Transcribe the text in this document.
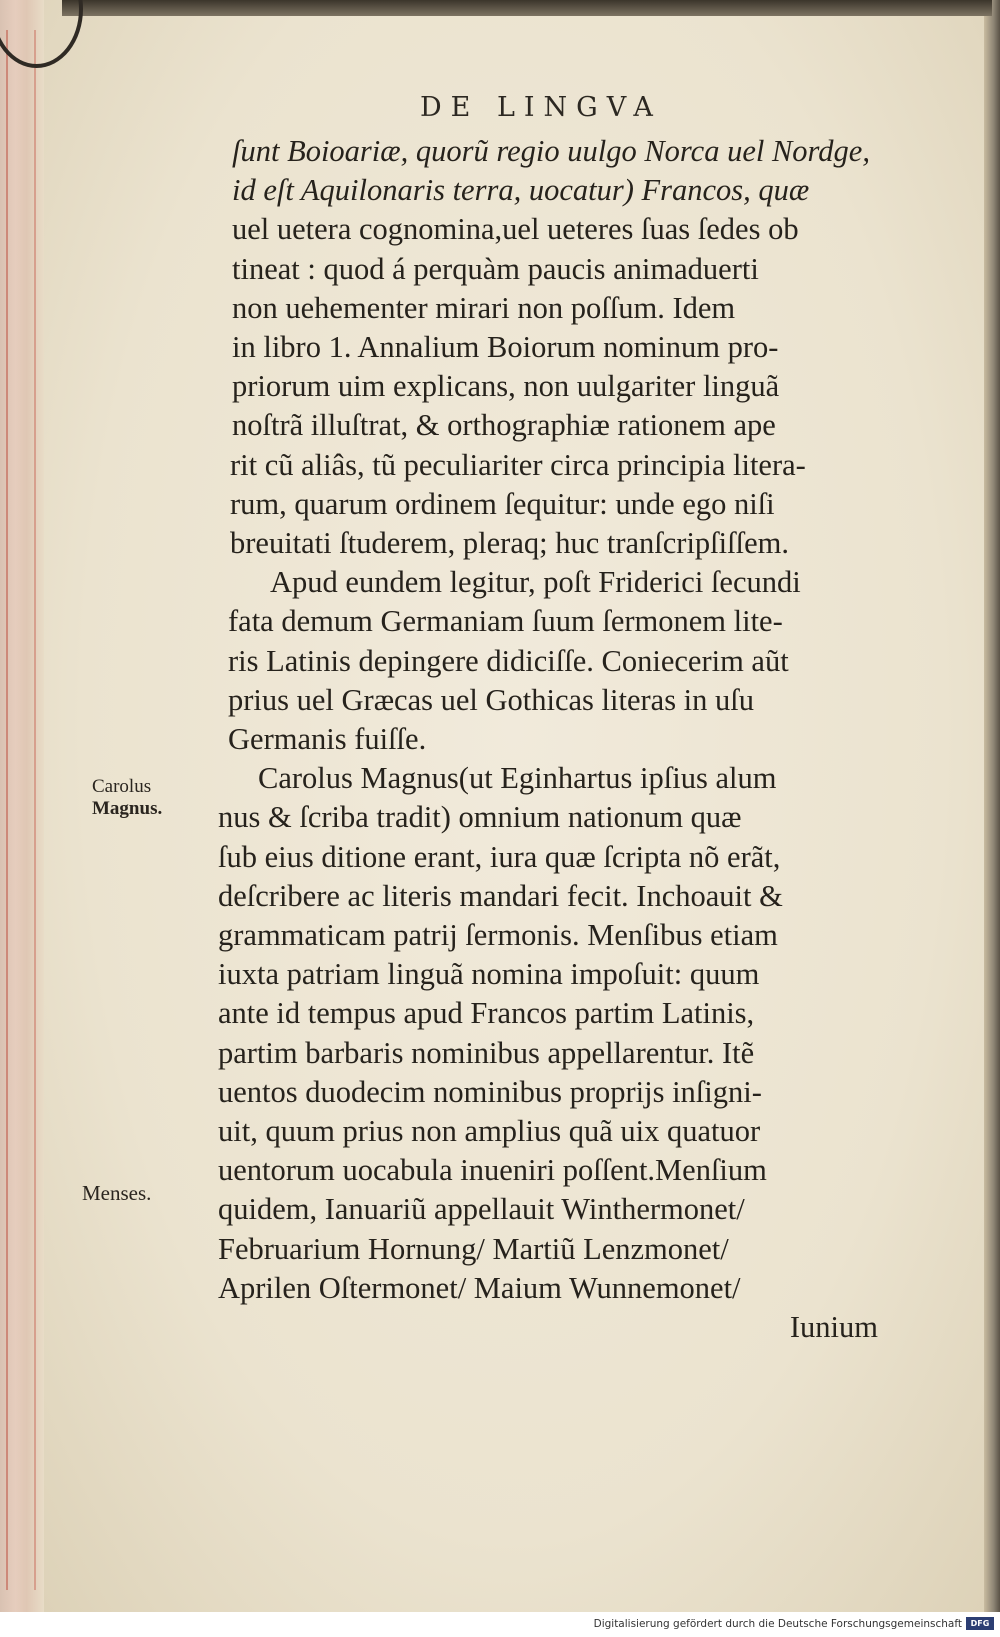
DE LINGVA
Carolus
Magnus.
Menses.
ſunt Boioariæ, quorũ regio uulgo Norca uel Nordge,
id eſt Aquilonaris terra, uocatur) Francos, quæ
uel uetera cognomina,uel ueteres ſuas ſedes ob
tineat : quod á perquàm paucis animaduerti
non uehementer mirari non poſſum. Idem
in libro 1. Annalium Boiorum nominum pro-
priorum uim explicans, non uulgariter linguã
noſtrã illuſtrat, & orthographiæ rationem ape
rit cũ aliâs, tũ peculiariter circa principia litera-
rum, quarum ordinem ſequitur: unde ego niſi
breuitati ſtuderem, pleraq; huc tranſcripſiſſem.
Apud eundem legitur, poſt Friderici ſecundi
fata demum Germaniam ſuum ſermonem lite-
ris Latinis depingere didiciſſe. Coniecerim aũt
prius uel Græcas uel Gothicas literas in uſu
Germanis fuiſſe.
Carolus Magnus(ut Eginhartus ipſius alum
nus & ſcriba tradit) omnium nationum quæ
ſub eius ditione erant, iura quæ ſcripta nõ erãt,
deſcribere ac literis mandari fecit. Inchoauit &
grammaticam patrij ſermonis. Menſibus etiam
iuxta patriam linguã nomina impoſuit: quum
ante id tempus apud Francos partim Latinis,
partim barbaris nominibus appellarentur. Itẽ
uentos duodecim nominibus proprijs inſigni-
uit, quum prius non amplius quã uix quatuor
uentorum uocabula inueniri poſſent.Menſium
quidem, Ianuariũ appellauit Winthermonet/
Februarium Hornung/ Martiũ Lenzmonet/
Aprilen Oſtermonet/ Maium Wunnemonet/
Iunium
Digitalisierung gefördert durch die Deutsche Forschungsgemeinschaft	DFG
